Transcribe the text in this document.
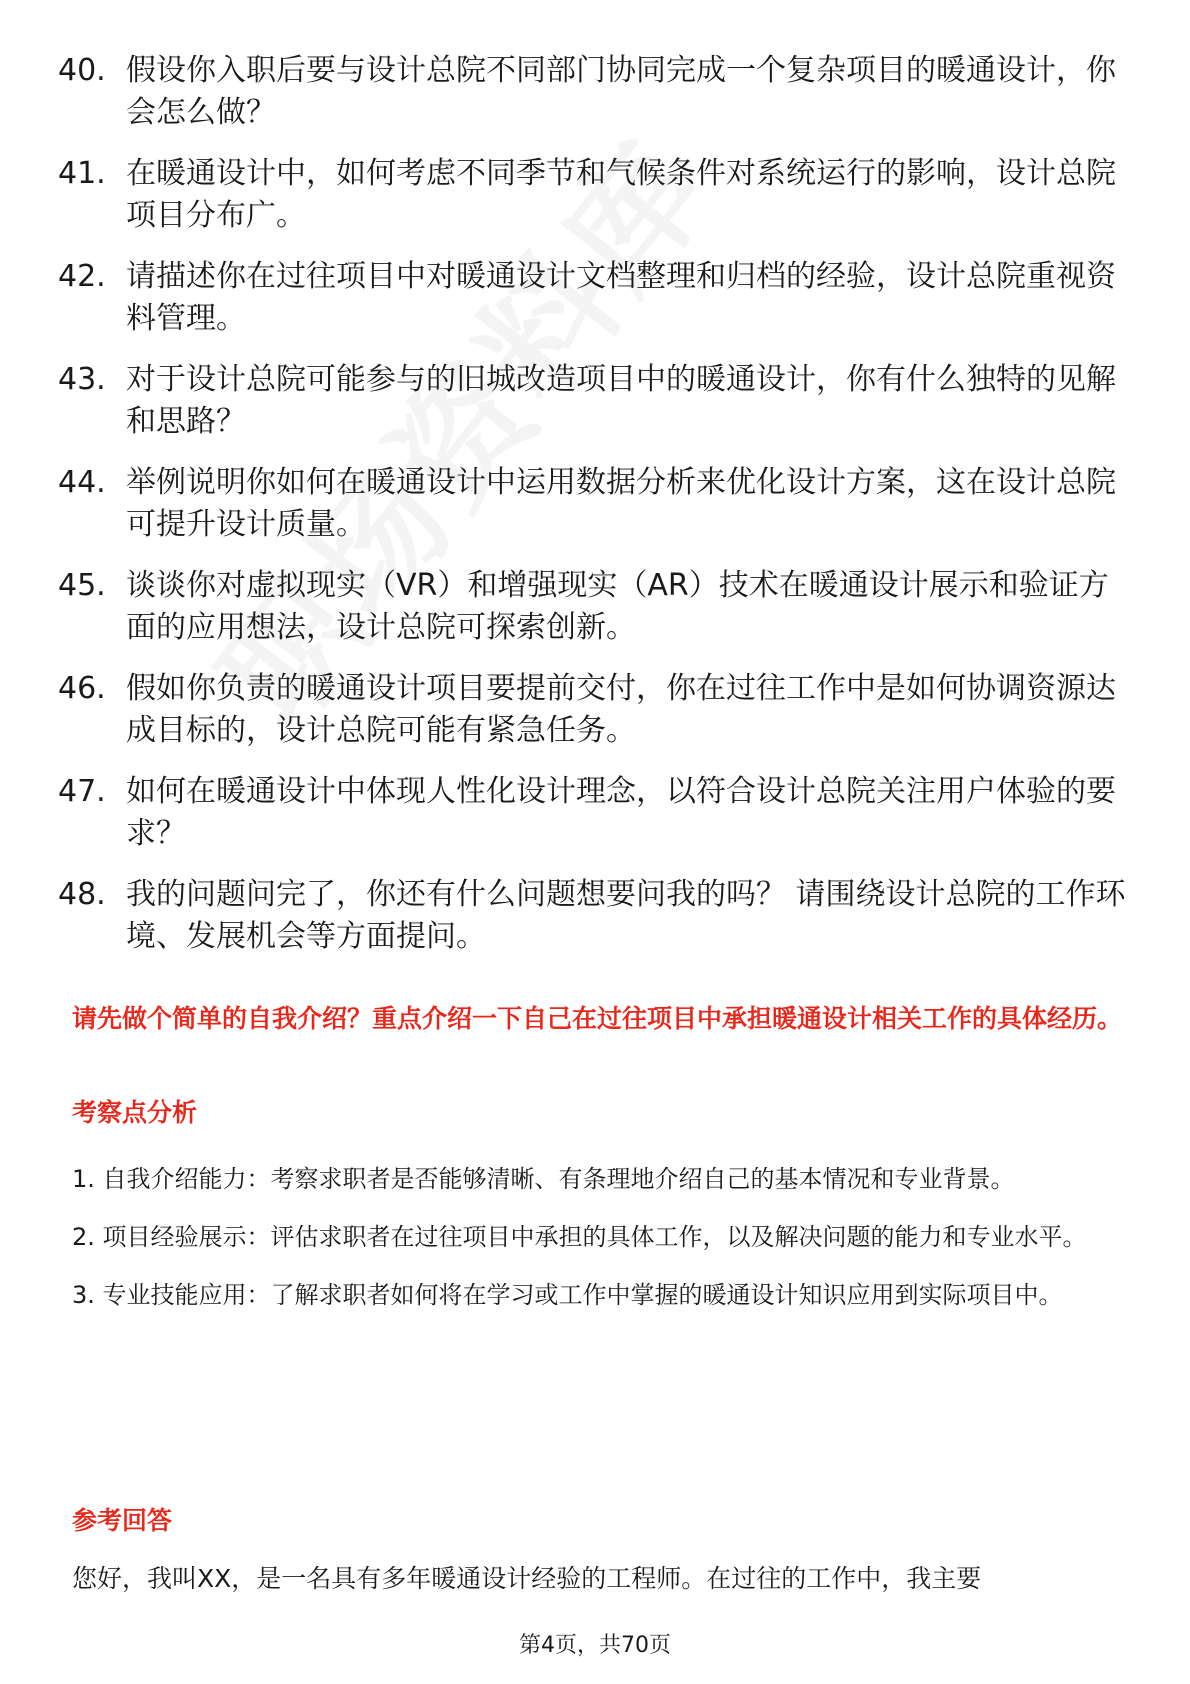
40. 假设你入职后要与设计总院不同部门协同完成一个复杂项目的暖通设计，你会怎么做？
41. 在暖通设计中，如何考虑不同季节和气候条件对系统运行的影响，设计总院项目分布广。
42. 请描述你在过往项目中对暖通设计文档整理和归档的经验，设计总院重视资料管理。
43. 对于设计总院可能参与的旧城改造项目中的暖通设计，你有什么独特的见解和思路？
44. 举例说明你如何在暖通设计中运用数据分析来优化设计方案，这在设计总院可提升设计质量。
45. 谈谈你对虚拟现实（VR）和增强现实（AR）技术在暖通设计展示和验证方面的应用想法，设计总院可探索创新。
46. 假如你负责的暖通设计项目要提前交付，你在过往工作中是如何协调资源达成目标的，设计总院可能有紧急任务。
47. 如何在暖通设计中体现人性化设计理念，以符合设计总院关注用户体验的要求？
48. 我的问题问完了，你还有什么问题想要问我的吗？ 请围绕设计总院的工作环境、发展机会等方面提问。
请先做个简单的自我介绍？重点介绍一下自己在过往项目中承担暖通设计相关工作的具体经历。
考察点分析
1. 自我介绍能力：考察求职者是否能够清晰、有条理地介绍自己的基本情况和专业背景。
2. 项目经验展示：评估求职者在过往项目中承担的具体工作，以及解决问题的能力和专业水平。
3. 专业技能应用：了解求职者如何将在学习或工作中掌握的暖通设计知识应用到实际项目中。
参考回答
您好，我叫XX，是一名具有多年暖通设计经验的工程师。在过往的工作中，我主要
第4页，共70页
